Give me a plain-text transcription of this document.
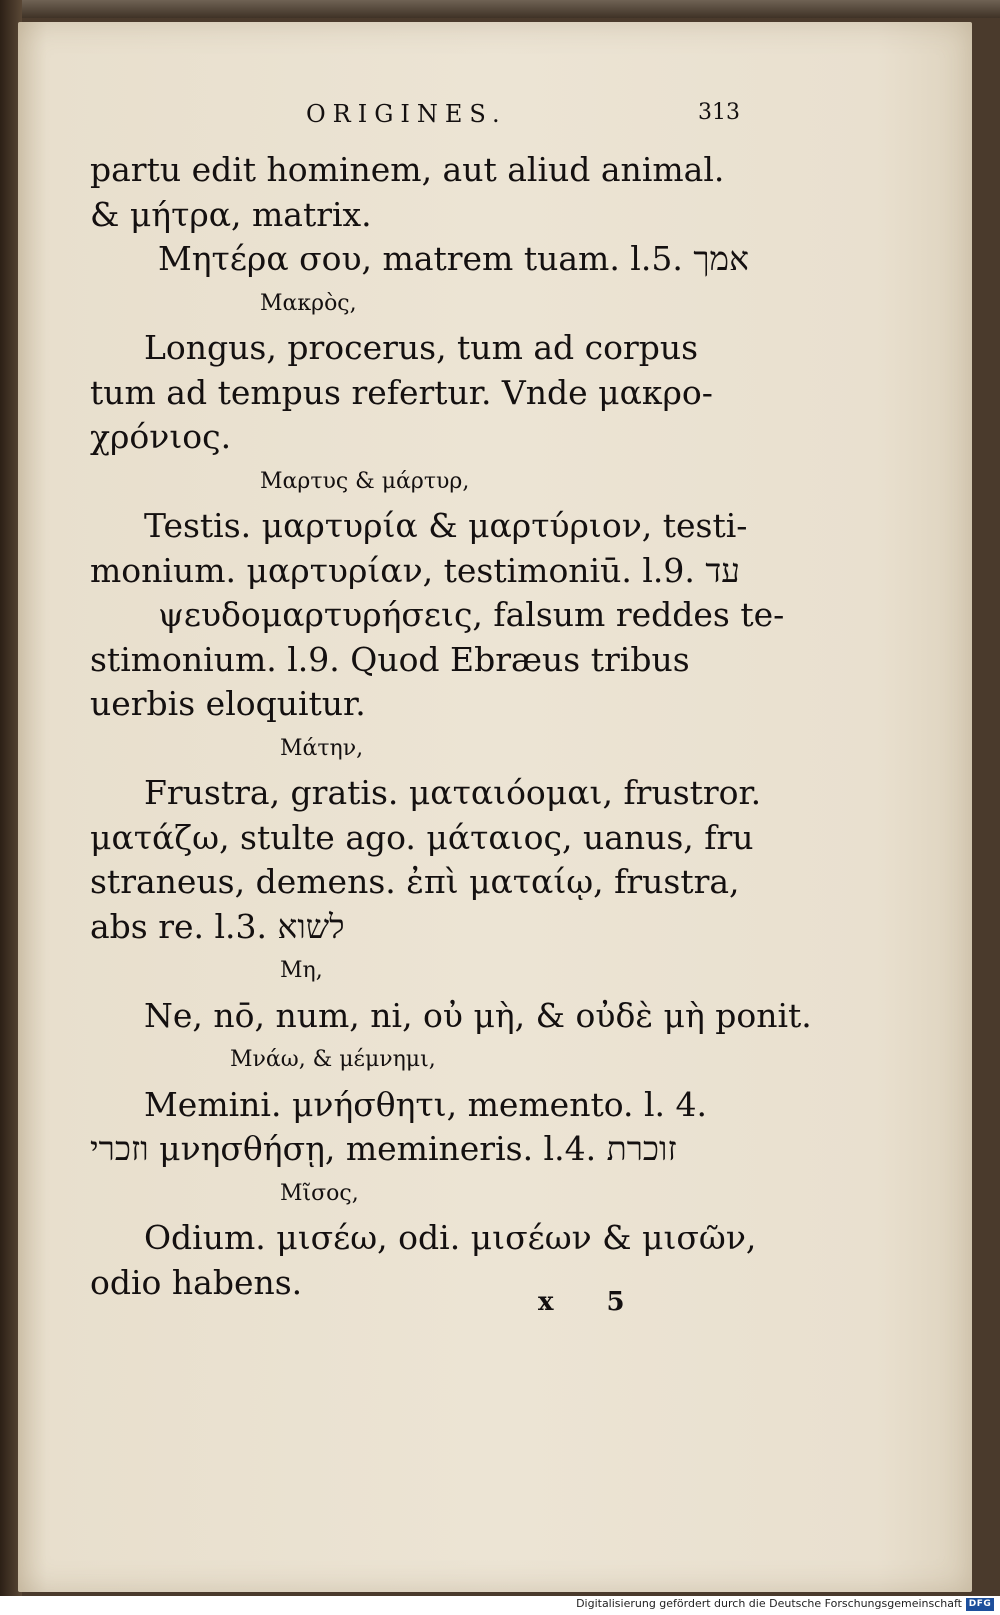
ORIGINES.	313
partu edit hominem, aut aliud animal.
& μήτρα, matrix.
Μητέρα σου, matrem tuam. l.5. אמך
Μακρὸς,
Longus, procerus, tum ad corpus
tum ad tempus refertur. Vnde μακρο-
χρόνιος.
Μαρτυς & μάρτυρ,
Testis. μαρτυρία & μαρτύριον, testi-
monium. μαρτυρίαν, testimoniū. l.9. עד
ψευδομαρτυρήσεις, falsum reddes te-
stimonium. l.9. Quod Ebræus tribus
uerbis eloquitur.
Μάτην,
Frustra, gratis. ματαιόομαι, frustror.
ματάζω, stulte ago. μάταιος, uanus, fru
straneus, demens. ἐπὶ ματαίῳ, frustra,
abs re. l.3. לשוא
Μη,
Ne, nō, num, ni, οὐ μὴ, & οὐδὲ μὴ ponit.
Μνάω, & μέμνημι,
Memini. μνήσθητι, memento. l. 4.
וזכרי μνησθήσῃ, memineris. l.4. זוכרת
Μῖσος,
Odium. μισέω, odi. μισέων & μισῶν,
odio habens.
x 5
Digitalisierung gefördert durch die Deutsche Forschungsgemeinschaft DFG
